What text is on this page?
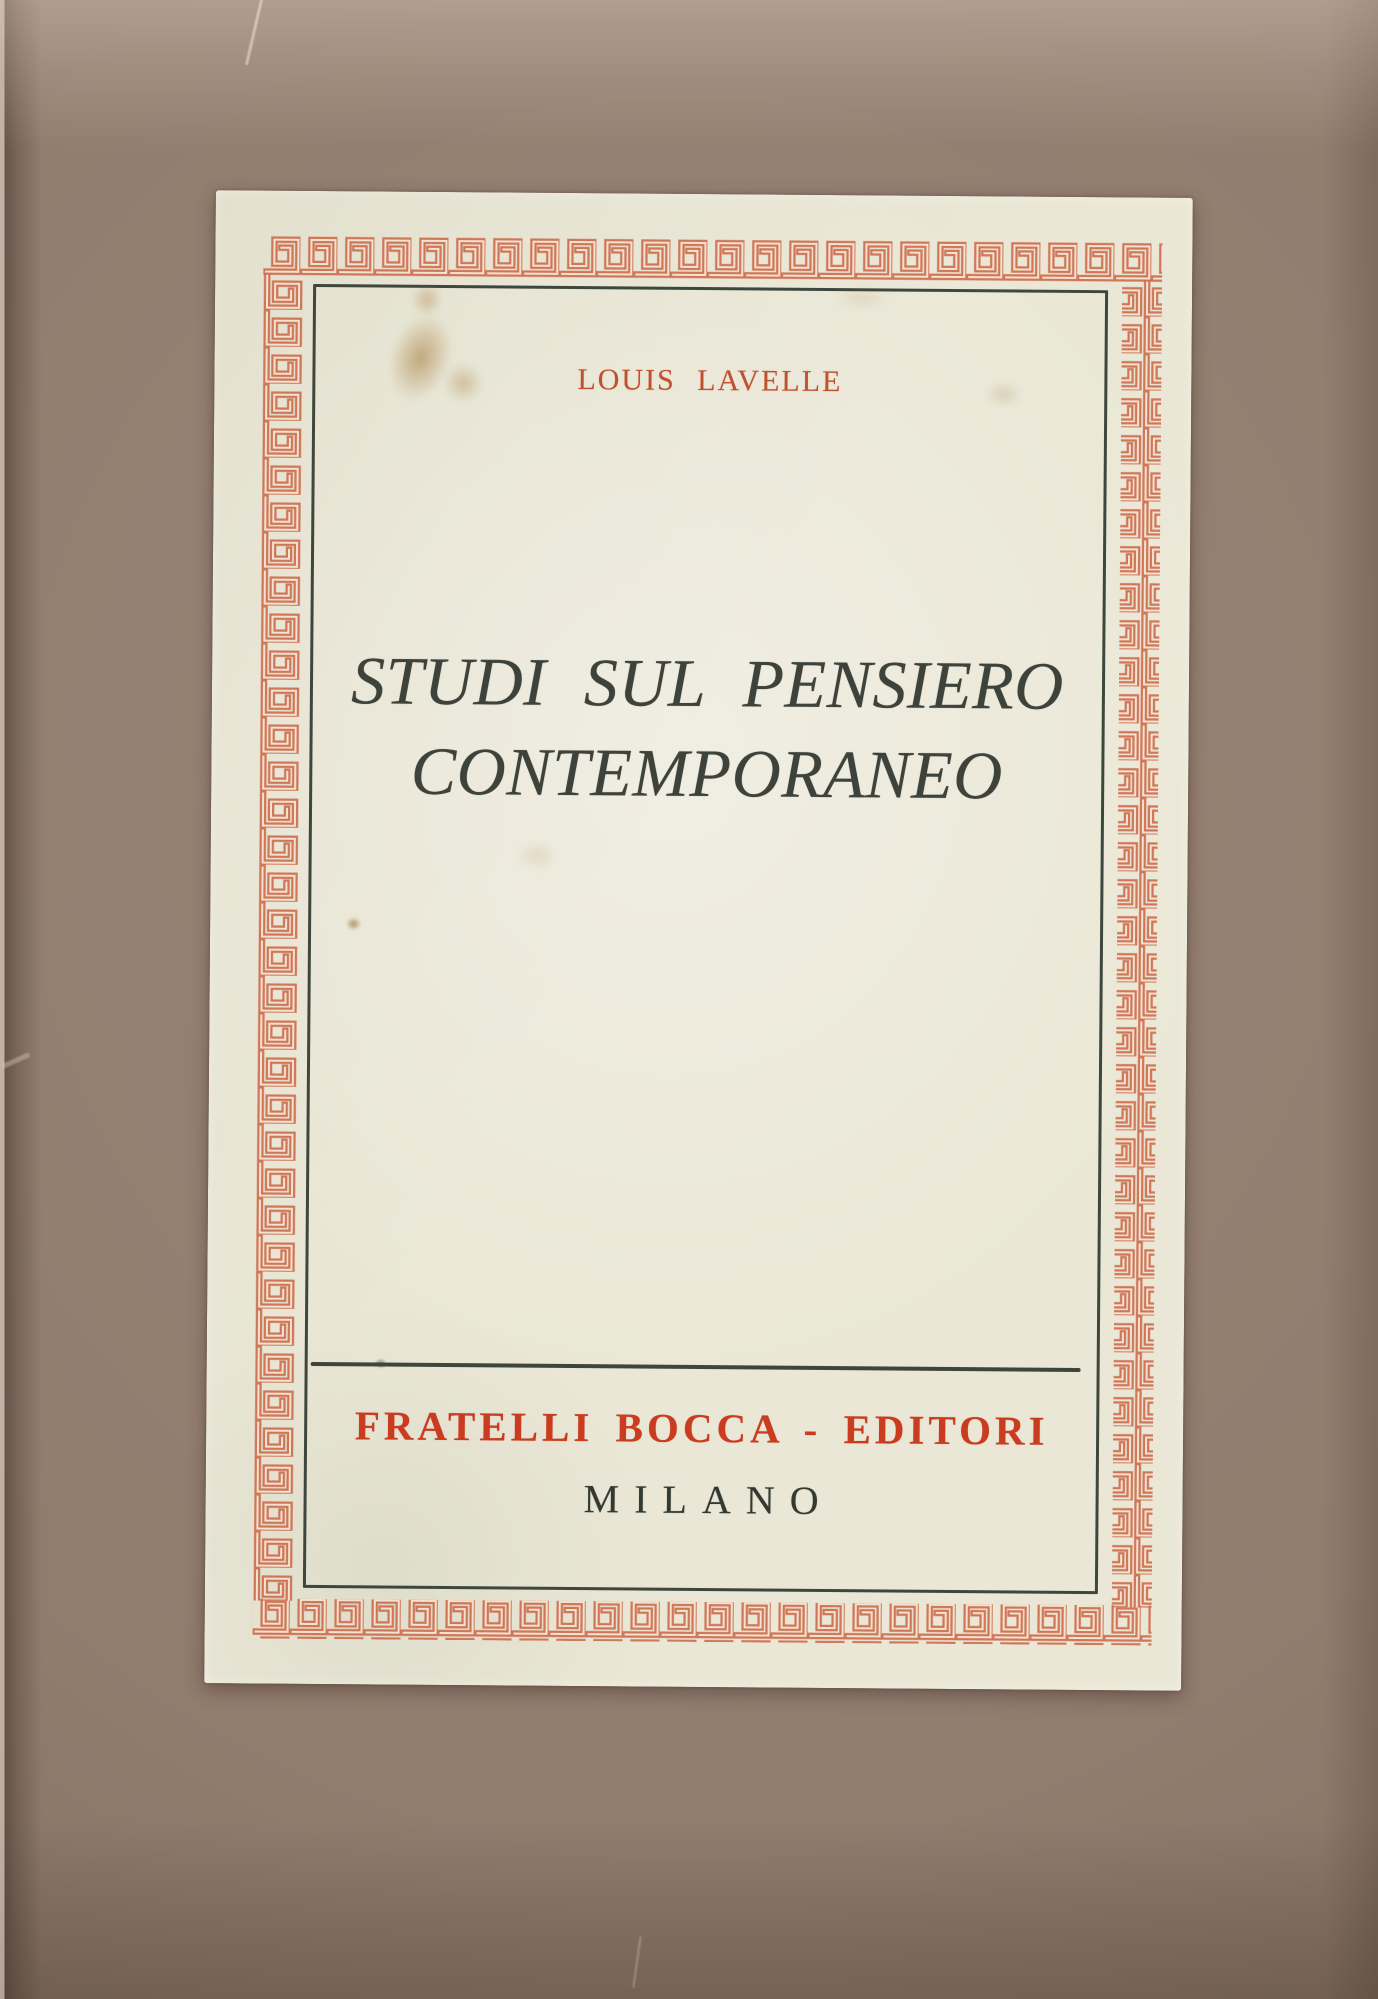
LOUIS LAVELLE
STUDI SUL PENSIERO
CONTEMPORANEO
FRATELLI BOCCA - EDITORI
MILANO
